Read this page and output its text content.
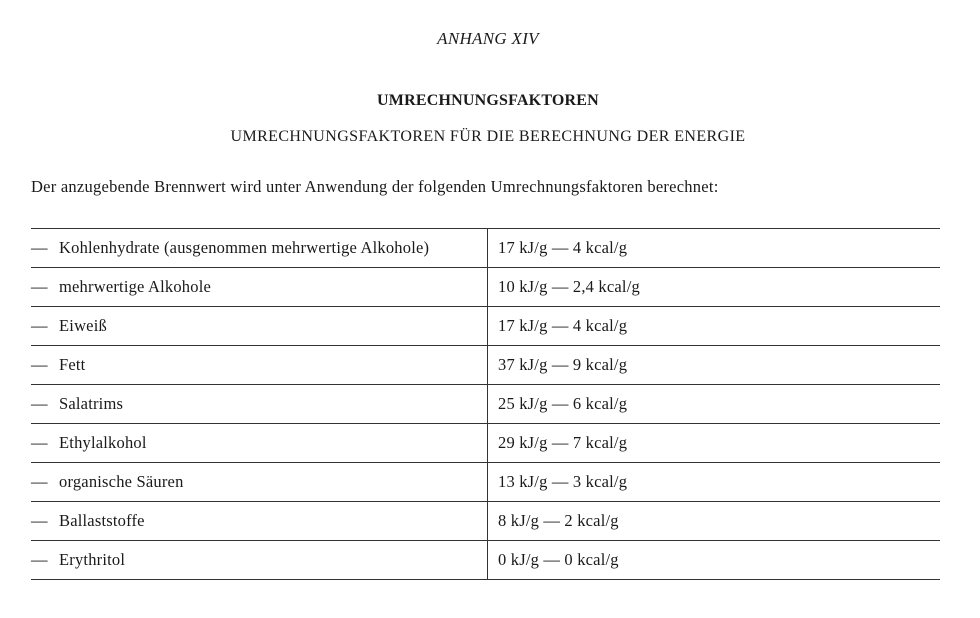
ANHANG XIV
UMRECHNUNGSFAKTOREN
UMRECHNUNGSFAKTOREN FÜR DIE BERECHNUNG DER ENERGIE
Der anzugebende Brennwert wird unter Anwendung der folgenden Umrechnungsfaktoren berechnet:
— Kohlenhydrate (ausgenommen mehrwertige Alkohole)	17 kJ/g — 4 kcal/g
— mehrwertige Alkohole	10 kJ/g — 2,4 kcal/g
— Eiweiß	17 kJ/g — 4 kcal/g
— Fett	37 kJ/g — 9 kcal/g
— Salatrims	25 kJ/g — 6 kcal/g
— Ethylalkohol	29 kJ/g — 7 kcal/g
— organische Säuren	13 kJ/g — 3 kcal/g
— Ballaststoffe	8 kJ/g — 2 kcal/g
— Erythritol	0 kJ/g — 0 kcal/g
